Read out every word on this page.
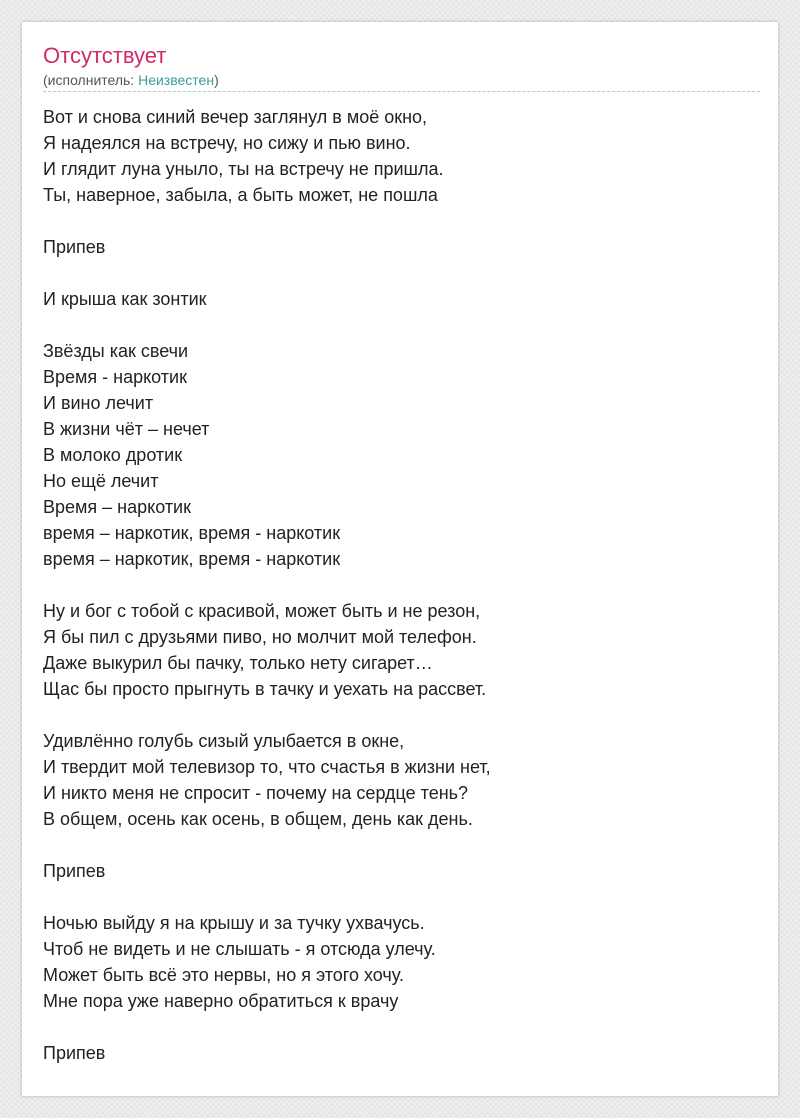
Отсутствует
(исполнитель: Неизвестен)
Вот и снова синий вечер заглянул в моё окно,
Я надеялся на встречу, но сижу и пью вино.
И глядит луна уныло, ты на встречу не пришла.
Ты, наверное, забыла, а быть может, не пошла
Припев
И крыша как зонтик
Звёзды как свечи
Время - наркотик
И вино лечит
В жизни чёт – нечет
В молоко дротик
Но ещё лечит
Время – наркотик
время – наркотик, время - наркотик
время – наркотик, время - наркотик
Ну и бог с тобой с красивой, может быть и не резон,
Я бы пил с друзьями пиво, но молчит мой телефон.
Даже выкурил бы пачку, только нету сигарет…
Щас бы просто прыгнуть в тачку и уехать на рассвет.
Удивлённо голубь сизый улыбается в окне,
И твердит мой телевизор то, что счастья в жизни нет,
И никто меня не спросит - почему на сердце тень?
В общем, осень как осень, в общем, день как день.
Припев
Ночью выйду я на крышу и за тучку ухвачусь.
Чтоб не видеть и не слышать - я отсюда улечу.
Может быть всё это нервы, но я этого хочу.
Мне пора уже наверно обратиться к врачу
Припев
